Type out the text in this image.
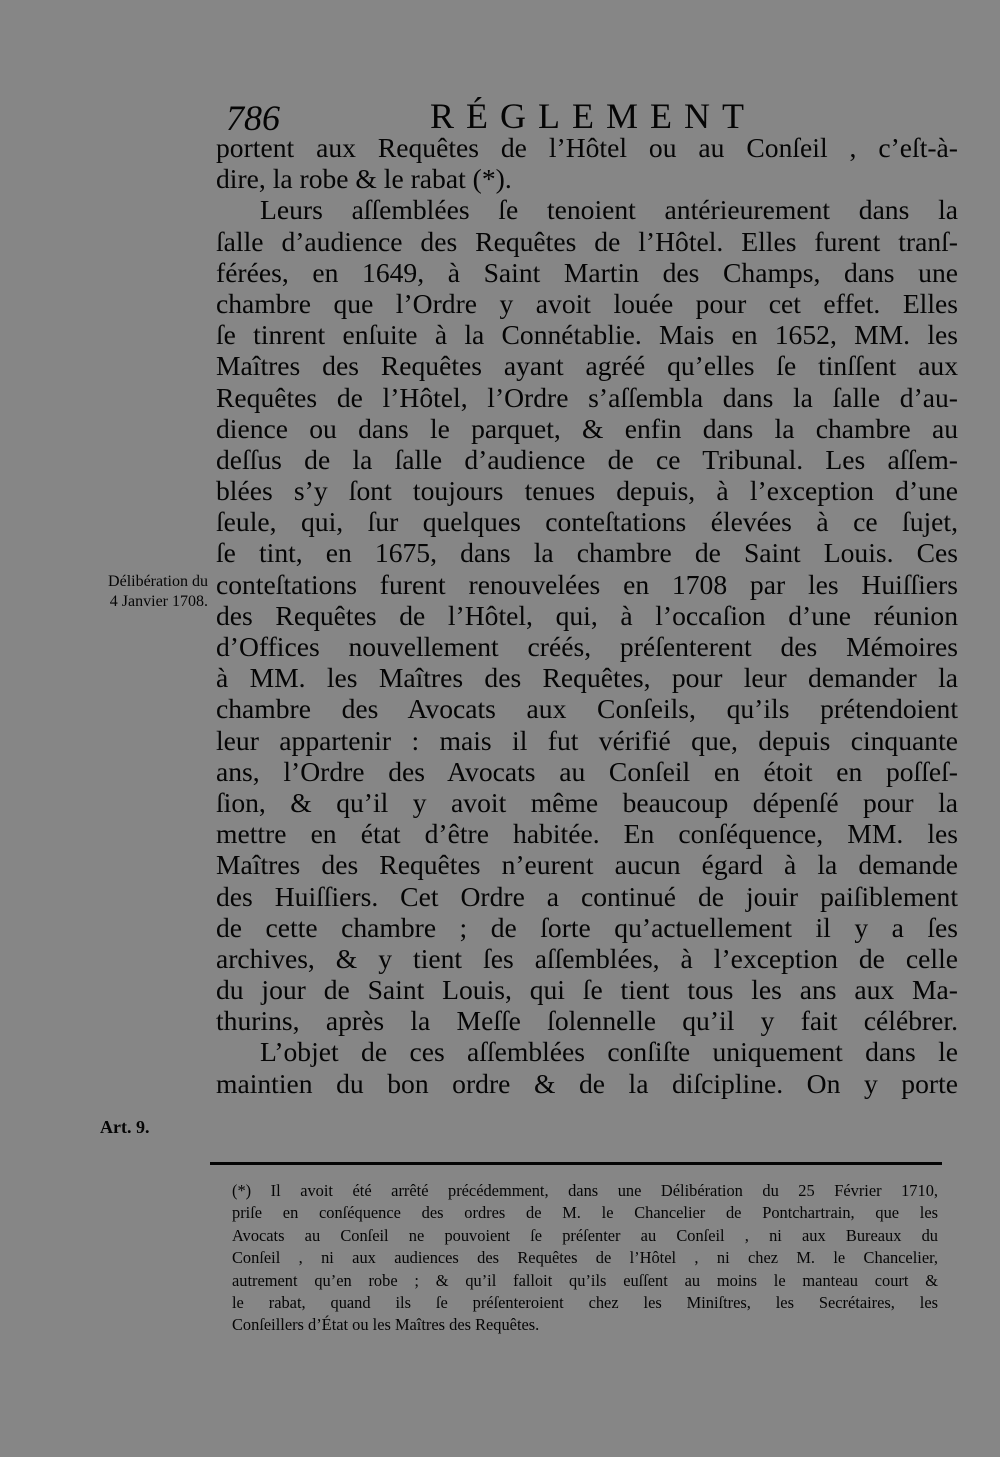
786	RÉGLEMENT
Délibération du
4 Janvier 1708.
Art. 9.
portent aux Requêtes de l’Hôtel ou au Conſeil , c’eſt-à-
dire, la robe & le rabat (*).
Leurs aſſemblées ſe tenoient antérieurement dans la
ſalle d’audience des Requêtes de l’Hôtel. Elles furent tranſ-
férées, en 1649, à Saint Martin des Champs, dans une
chambre que l’Ordre y avoit louée pour cet effet. Elles
ſe tinrent enſuite à la Connétablie. Mais en 1652, MM. les
Maîtres des Requêtes ayant agréé qu’elles ſe tinſſent aux
Requêtes de l’Hôtel, l’Ordre s’aſſembla dans la ſalle d’au-
dience ou dans le parquet, & enfin dans la chambre au
deſſus de la ſalle d’audience de ce Tribunal. Les aſſem-
blées s’y ſont toujours tenues depuis, à l’exception d’une
ſeule, qui, ſur quelques conteſtations élevées à ce ſujet,
ſe tint, en 1675, dans la chambre de Saint Louis. Ces
conteſtations furent renouvelées en 1708 par les Huiſſiers
des Requêtes de l’Hôtel, qui, à l’occaſion d’une réunion
d’Offices nouvellement créés, préſenterent des Mémoires
à MM. les Maîtres des Requêtes, pour leur demander la
chambre des Avocats aux Conſeils, qu’ils prétendoient
leur appartenir : mais il fut vérifié que, depuis cinquante
ans, l’Ordre des Avocats au Conſeil en étoit en poſſeſ-
ſion, & qu’il y avoit même beaucoup dépenſé pour la
mettre en état d’être habitée. En conſéquence, MM. les
Maîtres des Requêtes n’eurent aucun égard à la demande
des Huiſſiers. Cet Ordre a continué de jouir paiſiblement
de cette chambre ; de ſorte qu’actuellement il y a ſes
archives, & y tient ſes aſſemblées, à l’exception de celle
du jour de Saint Louis, qui ſe tient tous les ans aux Ma-
thurins, après la Meſſe ſolennelle qu’il y fait célébrer.
L’objet de ces aſſemblées conſiſte uniquement dans le
maintien du bon ordre & de la diſcipline. On y porte
(*) Il avoit été arrêté précédemment, dans une Délibération du 25 Février 1710,
priſe en conſéquence des ordres de M. le Chancelier de Pontchartrain, que les
Avocats au Conſeil ne pouvoient ſe préſenter au Conſeil , ni aux Bureaux du
Conſeil , ni aux audiences des Requêtes de l’Hôtel , ni chez M. le Chancelier,
autrement qu’en robe ; & qu’il falloit qu’ils euſſent au moins le manteau court &
le rabat, quand ils ſe préſenteroient chez les Miniſtres, les Secrétaires, les
Conſeillers d’État ou les Maîtres des Requêtes.
